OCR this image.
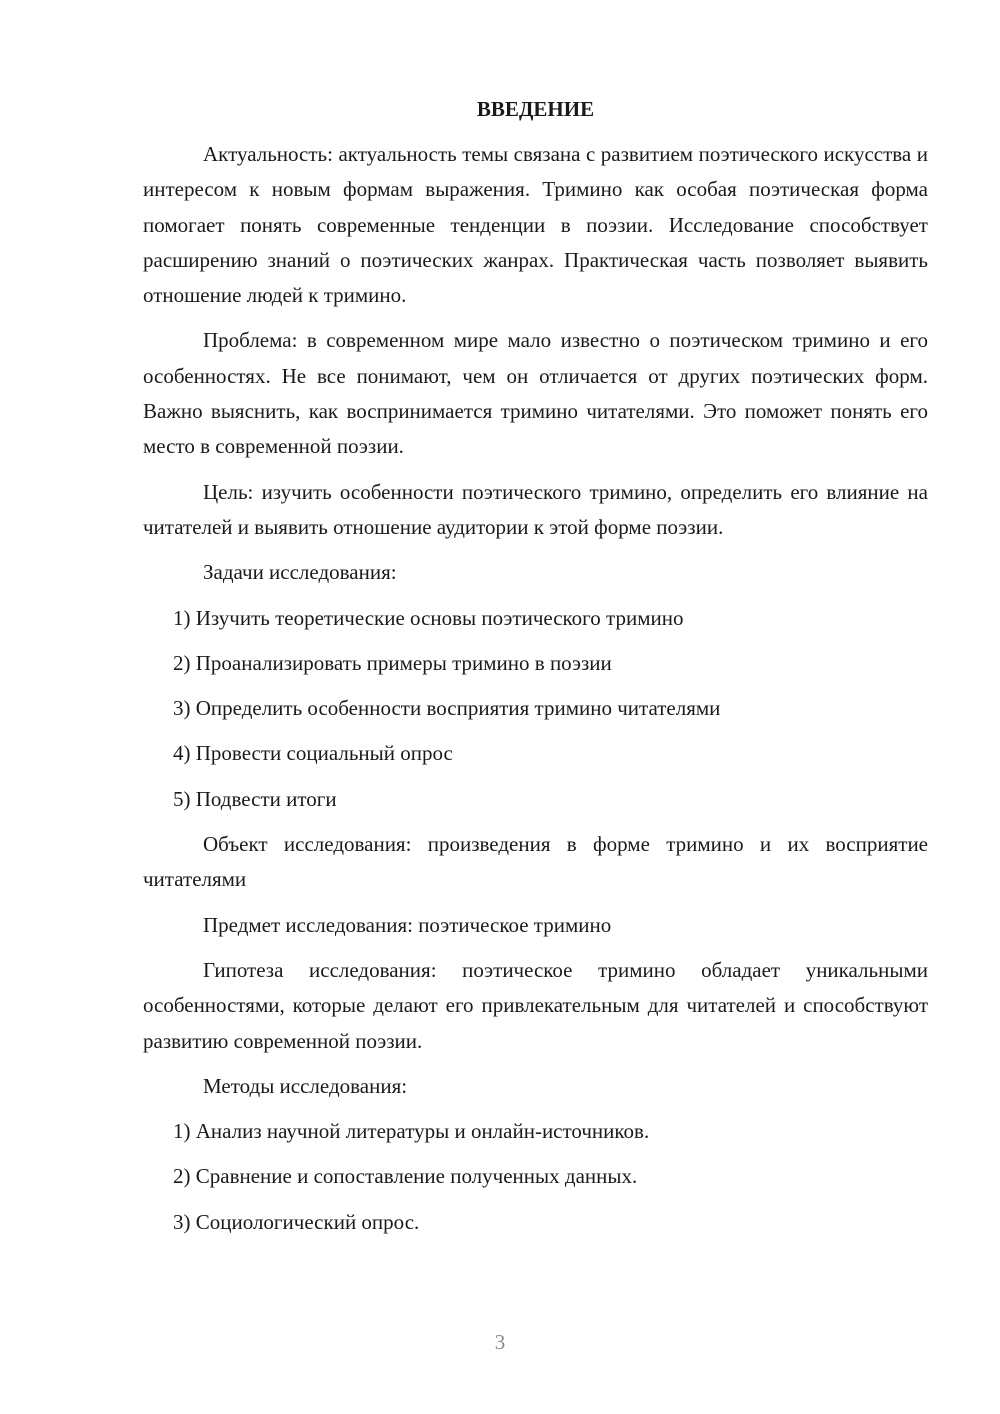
ВВЕДЕНИЕ

Актуальность: актуальность темы связана с развитием поэтического искусства и интересом к новым формам выражения. Тримино как особая поэтическая форма помогает понять современные тенденции в поэзии. Исследование способствует расширению знаний о поэтических жанрах. Практическая часть позволяет выявить отношение людей к тримино.

Проблема: в современном мире мало известно о поэтическом тримино и его особенностях. Не все понимают, чем он отличается от других поэтических форм. Важно выяснить, как воспринимается тримино читателями. Это поможет понять его место в современной поэзии.

Цель: изучить особенности поэтического тримино, определить его влияние на читателей и выявить отношение аудитории к этой форме поэзии.

Задачи исследования:

1) Изучить теоретические основы поэтического тримино

2) Проанализировать примеры тримино в поэзии

3) Определить особенности восприятия тримино читателями

4) Провести социальный опрос

5) Подвести итоги

Объект исследования: произведения в форме тримино и их восприятие читателями

Предмет исследования: поэтическое тримино

Гипотеза исследования: поэтическое тримино обладает уникальными особенностями, которые делают его привлекательным для читателей и способствуют развитию современной поэзии.

Методы исследования:

1) Анализ научной литературы и онлайн-источников.

2) Сравнение и сопоставление полученных данных.

3) Социологический опрос.

3
